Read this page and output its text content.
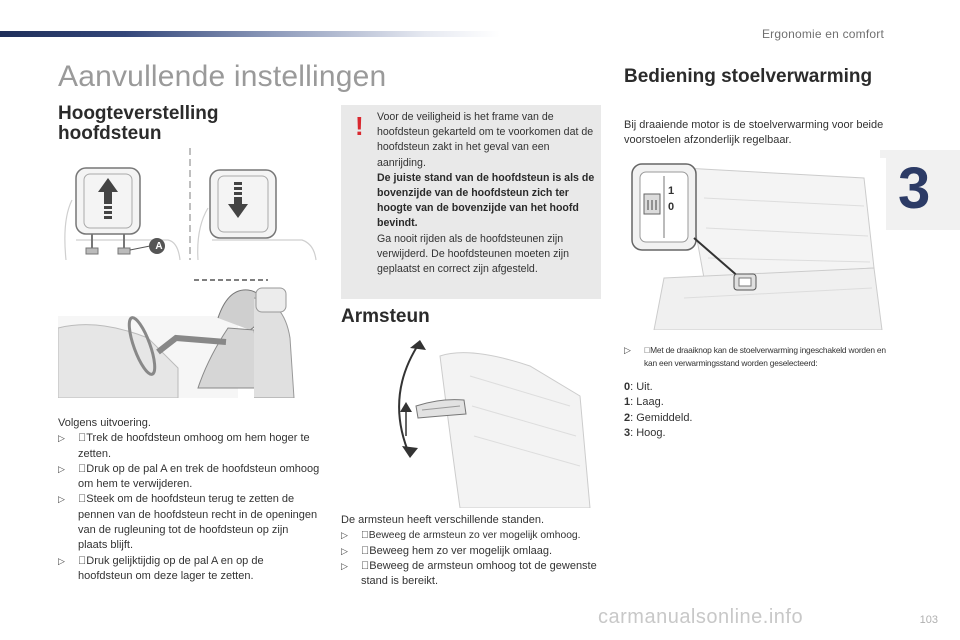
Ergonomie en comfort
3
Aanvullende instellingen
Hoogteverstelling hoofdsteun
A
Volgens uitvoering.
▷ Trek de hoofdsteun omhoog om hem hoger te zetten.
▷ Druk op de pal A en trek de hoofdsteun omhoog om hem te verwijderen.
▷ Steek om de hoofdsteun terug te zetten de pennen van de hoofdsteun recht in de openingen van de rugleuning tot de hoofdsteun op zijn plaats blijft.
▷ Druk gelijktijdig op de pal A en op de hoofdsteun om deze lager te zetten.
! Voor de veiligheid is het frame van de hoofdsteun gekarteld om te voorkomen dat de hoofdsteun zakt in het geval van een aanrijding.
De juiste stand van de hoofdsteun is als de bovenzijde van de hoofdsteun zich ter hoogte van de bovenzijde van het hoofd bevindt.
Ga nooit rijden als de hoofdsteunen zijn verwijderd. De hoofdsteunen moeten zijn geplaatst en correct zijn afgesteld.
Armsteun
De armsteun heeft verschillende standen.
▷ Beweeg de armsteun zo ver mogelijk omhoog.
▷ Beweeg hem zo ver mogelijk omlaag.
▷ Beweeg de armsteun omhoog tot de gewenste stand is bereikt.
Bediening stoelverwarming
Bij draaiende motor is de stoelverwarming voor beide voorstoelen afzonderlijk regelbaar.
1
0
▷ Met de draaiknop kan de stoelverwarming ingeschakeld worden en kan een verwarmingsstand worden geselecteerd:
0: Uit.
1: Laag.
2: Gemiddeld.
3: Hoog.
carmanualsonline.info	103
